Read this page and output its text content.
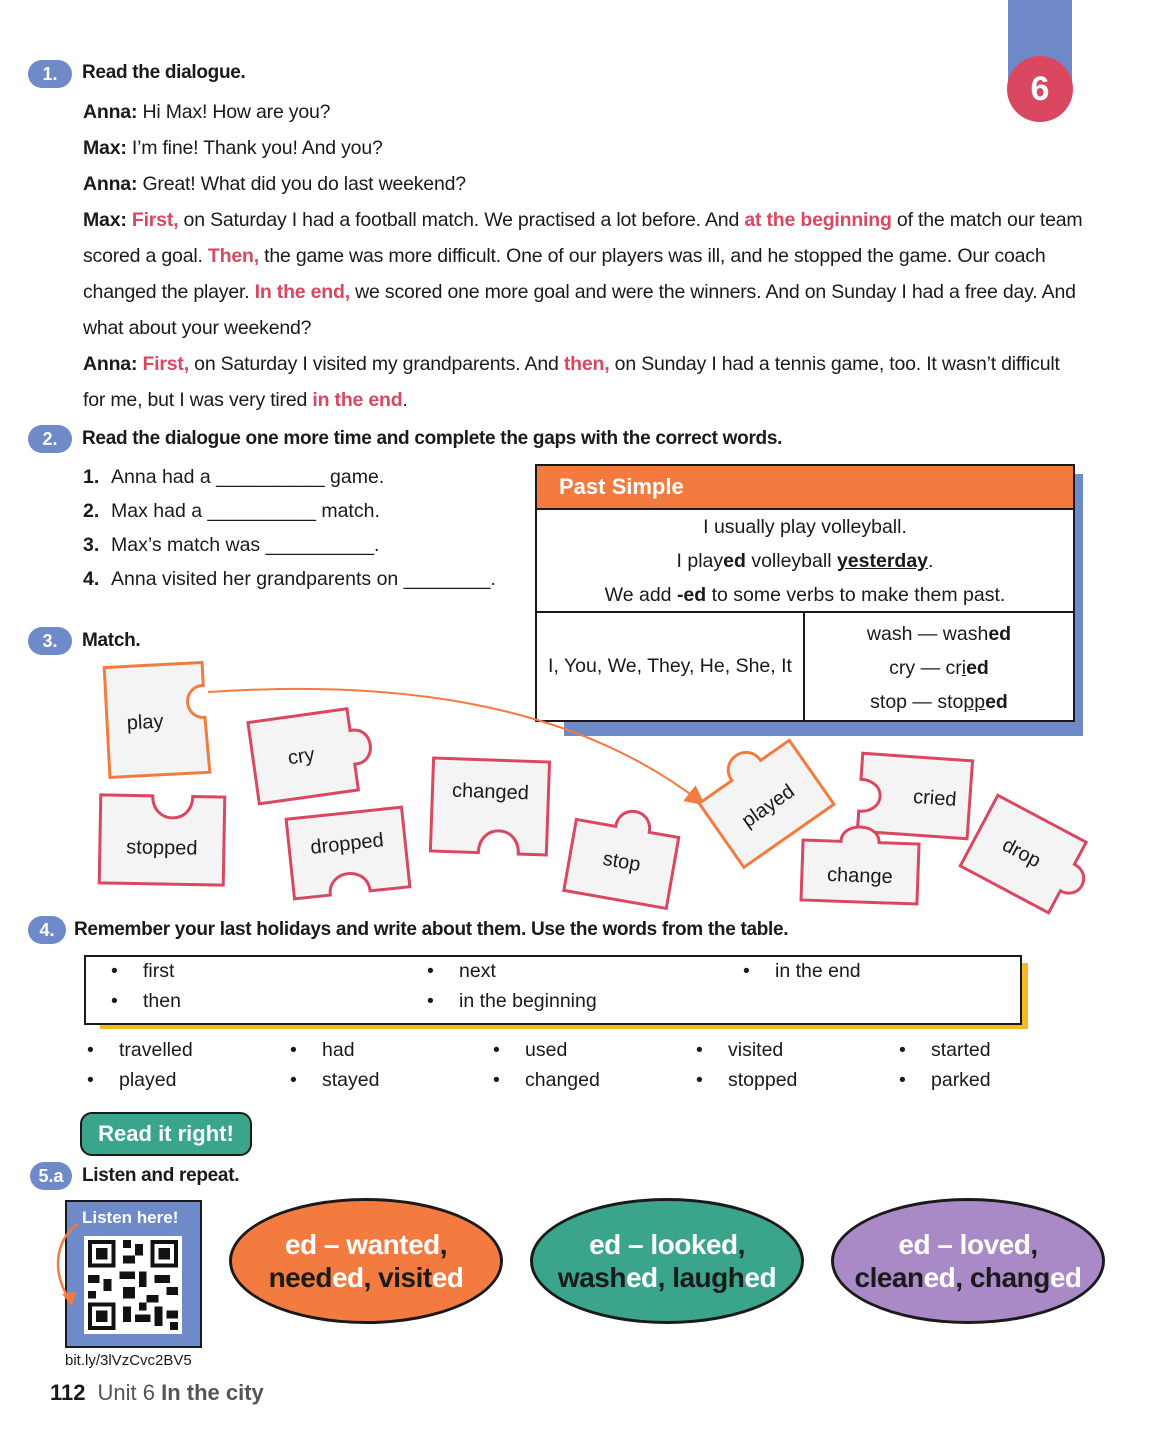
6
1.	Read the dialogue.

Anna: Hi Max! How are you?

Max: I’m fine! Thank you! And you?

Anna: Great! What did you do last weekend?

Max: First, on Saturday I had a football match. We practised a lot before. And at the beginning of the match our team scored a goal. Then, the game was more difficult. One of our players was ill, and he stopped the game. Our coach changed the player. In the end, we scored one more goal and were the winners. And on Sunday I had a free day. And what about your weekend?

Anna: First, on Saturday I visited my grandparents. And then, on Sunday I had a tennis game, too. It wasn’t difficult for me, but I was very tired in the end.

2.	Read the dialogue one more time and complete the gaps with the correct words.
1. Anna had a __________ game.
2. Max had a __________ match.
3. Max’s match was __________.
4. Anna visited her grandparents on ________.
Past Simple
I usually play volleyball.
I played volleyball yesterday.
We add -ed to some verbs to make them past.
I, You, We, They, He, She, It
wash — washed
cry — cried
stop — stopped
3.	Match.
play
cry
changed	played	cried
stopped	dropped
stop	change
drop
4.	Remember your last holidays and write about them. Use the words from the table.
• first
• then
• next
• in the beginning
• in the end
• travelled
• played
• had
• stayed
• used
• changed
• visited
• stopped
• started
• parked
Read it right!
5.a Listen and repeat.
Listen here!
bit.ly/3lVzCvc2BV5
ed – wanted,
needed, visited
ed – looked,
washed, laughed
ed – loved,
cleaned, changed
112 Unit 6 In the city
